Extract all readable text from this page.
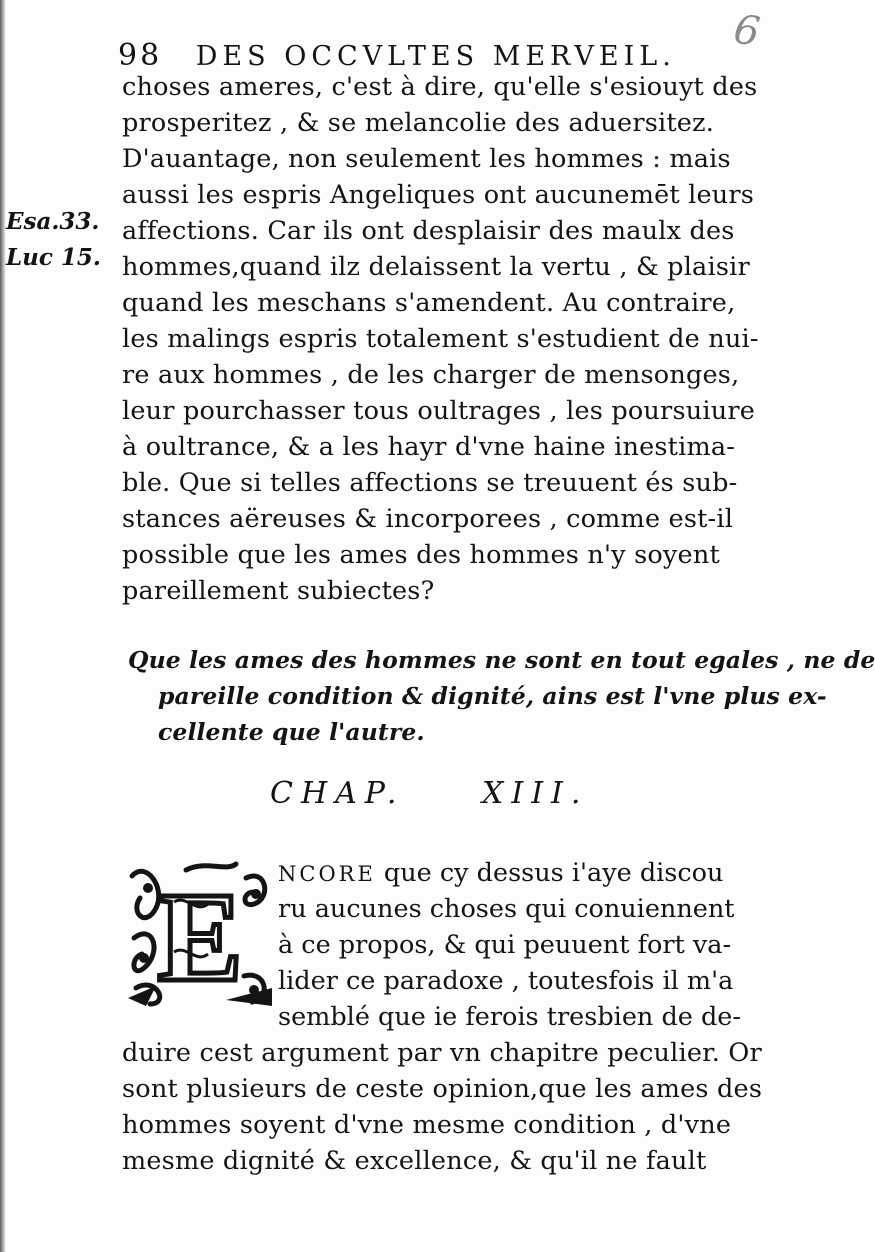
6
98 DES OCCVLTES MERVEIL.
Esa.33.
Luc 15.
choses ameres, c'est à dire, qu'elle s'esiouyt des
prosperitez , & se melancolie des aduersitez.
D'auantage, non seulement les hommes : mais
aussi les espris Angeliques ont aucunemēt leurs
affections. Car ils ont desplaisir des maulx des
hommes,quand ilz delaissent la vertu , & plaisir
quand les meschans s'amendent. Au contraire,
les malings espris totalement s'estudient de nui-
re aux hommes , de les charger de mensonges,
leur pourchasser tous oultrages , les poursuiure
à oultrance, & a les hayr d'vne haine inestima-
ble. Que si telles affections se treuuent és sub-
stances aëreuses & incorporees , comme est-il
possible que les ames des hommes n'y soyent
pareillement subiectes?
Que les ames des hommes ne sont en tout egales , ne de
pareille condition & dignité, ains est l'vne plus ex-
cellente que l'autre.
CHAP.	XIII.
E NCORE que cy dessus i'aye discou
ru aucunes choses qui conuiennent
à ce propos, & qui peuuent fort va-
lider ce paradoxe , toutesfois il m'a
semblé que ie ferois tresbien de de-
duire cest argument par vn chapitre peculier. Or
sont plusieurs de ceste opinion,que les ames des
hommes soyent d'vne mesme condition , d'vne
mesme dignité & excellence, & qu'il ne fault
